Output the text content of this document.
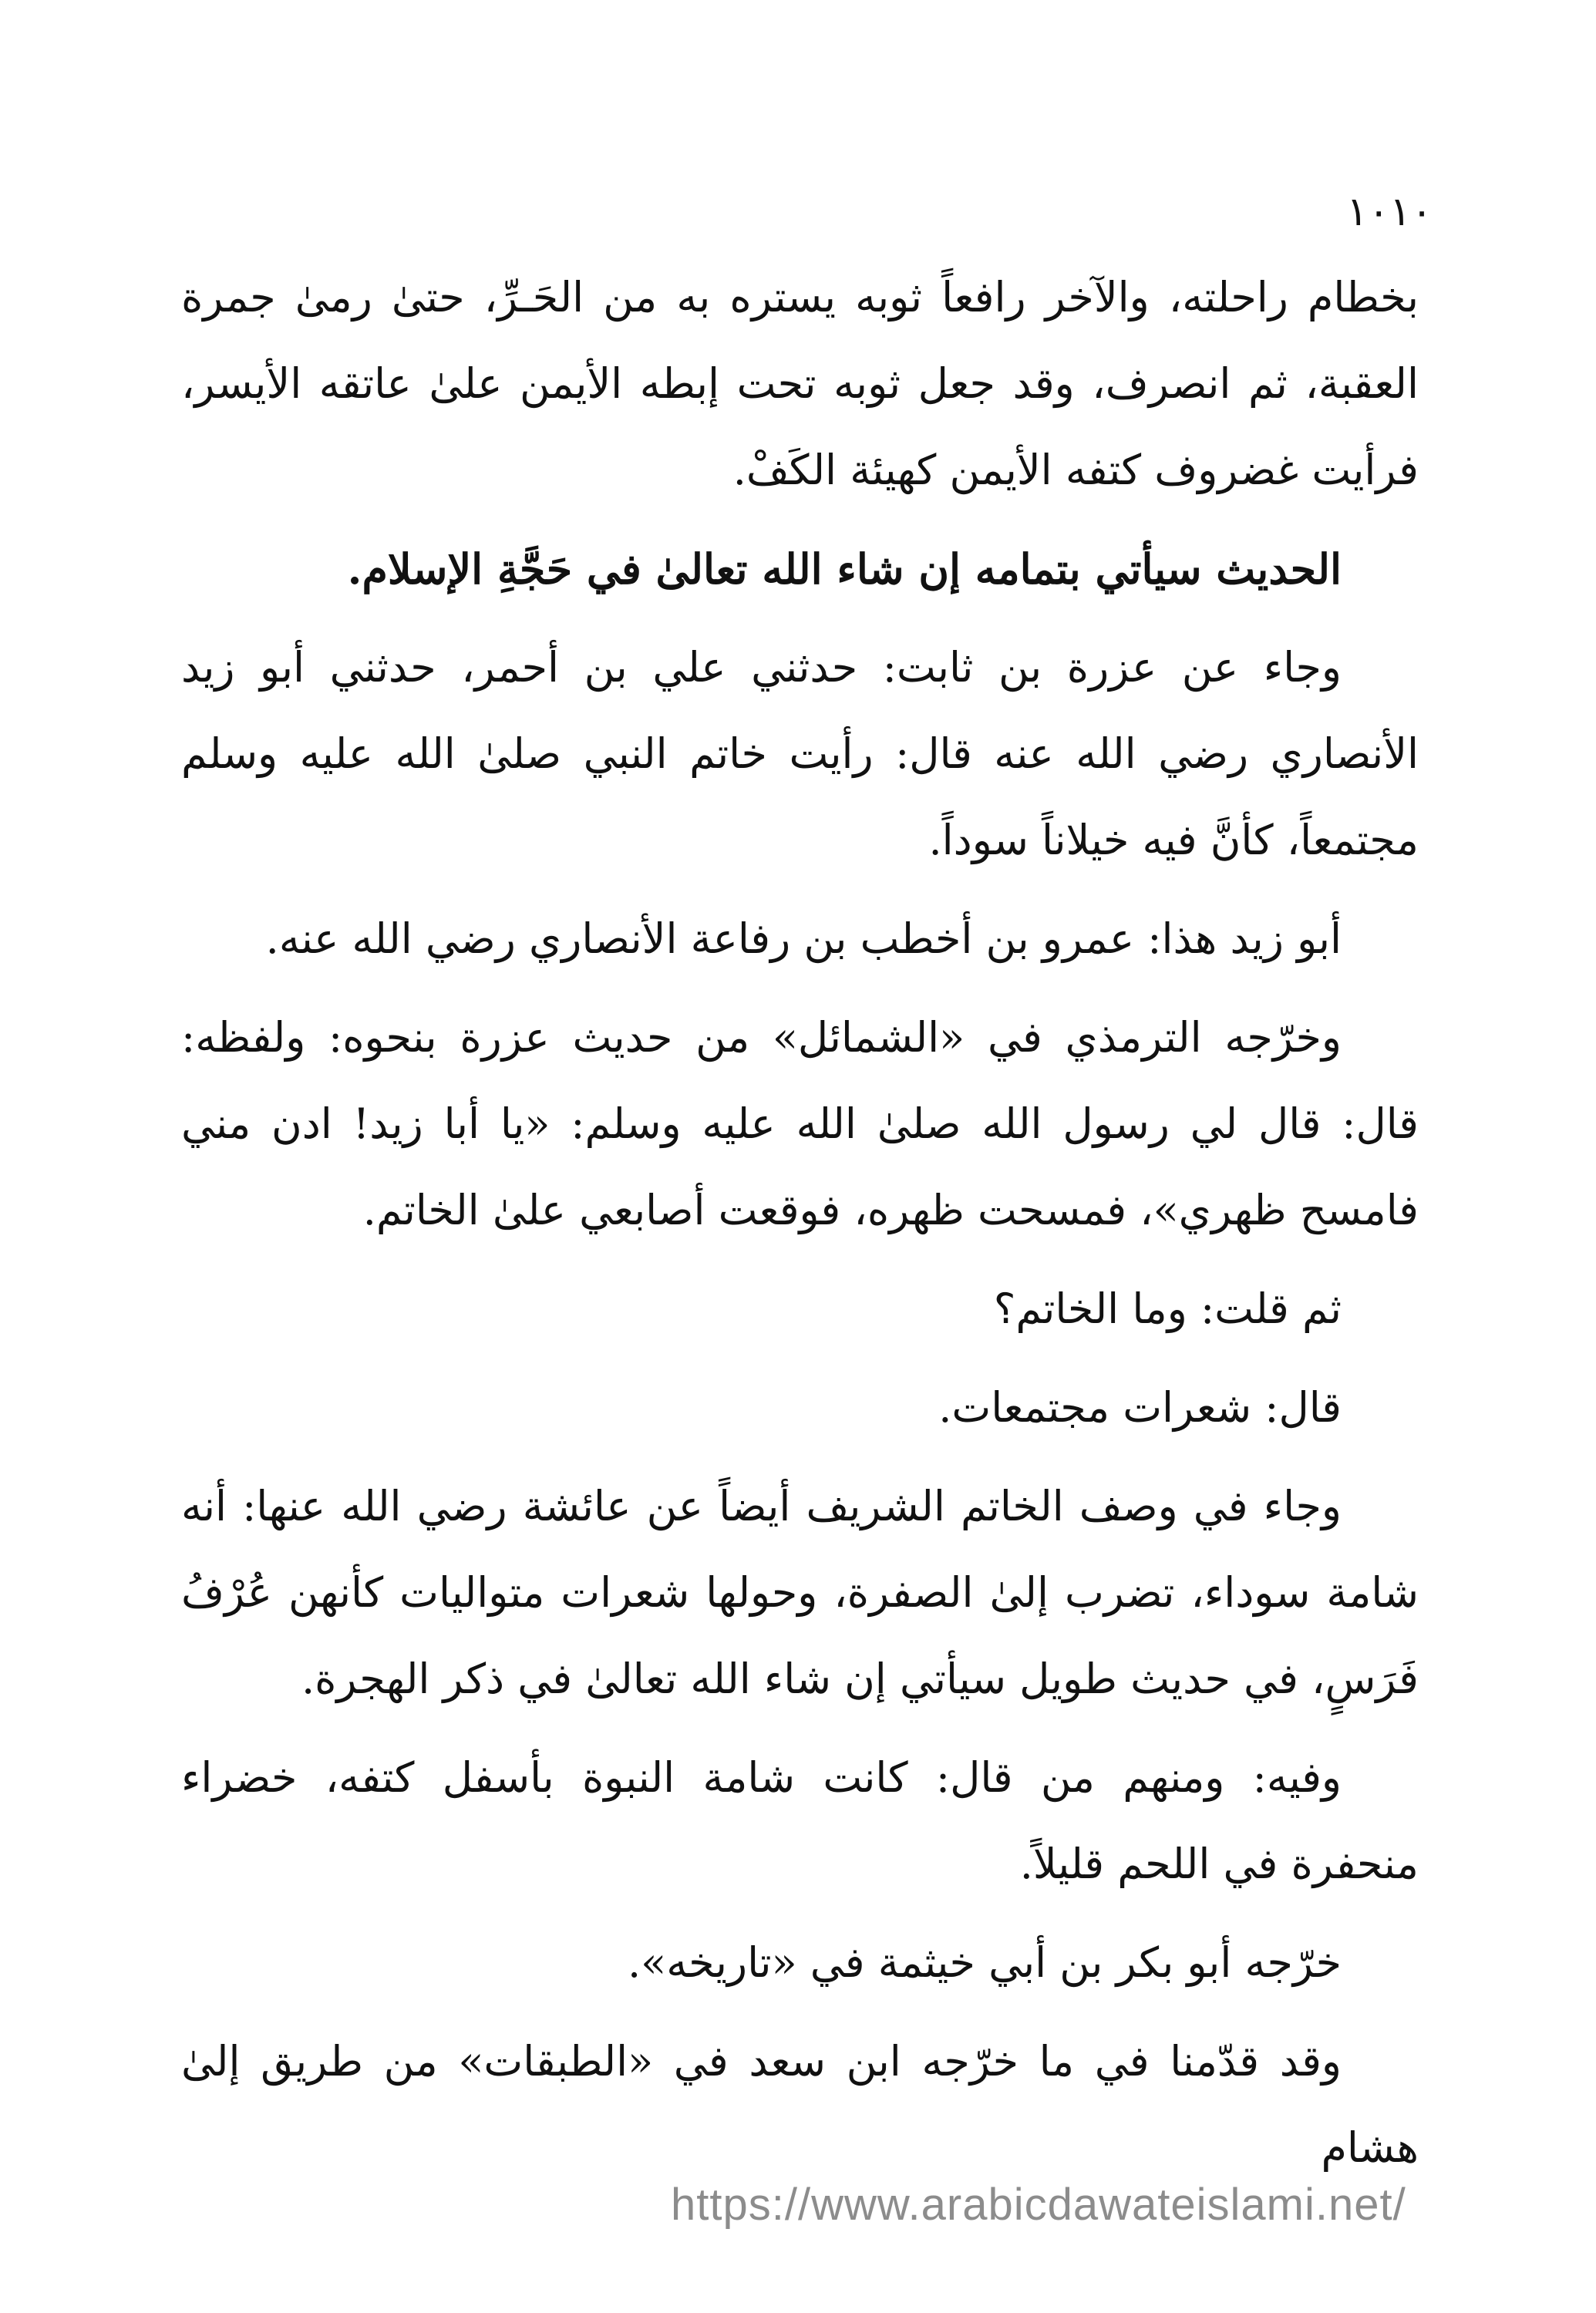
١٠١٠

بخطام راحلته، والآخر رافعاً ثوبه يستره به من الحَـرِّ، حتىٰ رمىٰ جمرة العقبة، ثم انصرف، وقد جعل ثوبه تحت إبطه الأيمن علىٰ عاتقه الأيسر، فرأيت غضروف كتفه الأيمن كهيئة الكَفْ.

الحديث سيأتي بتمامه إن شاء الله تعالىٰ في حَجَّةِ الإسلام.

وجاء عن عزرة بن ثابت: حدثني علي بن أحمر، حدثني أبو زيد الأنصاري رضي الله عنه قال: رأيت خاتم النبي صلىٰ الله عليه وسلم مجتمعاً، كأنَّ فيه خيلاناً سوداً.

أبو زيد هذا: عمرو بن أخطب بن رفاعة الأنصاري رضي الله عنه.

وخرّجه الترمذي في «الشمائل» من حديث عزرة بنحوه: ولفظه: قال: قال لي رسول الله صلىٰ الله عليه وسلم: «يا أبا زيد! ادن مني فامسح ظهري»، فمسحت ظهره، فوقعت أصابعي علىٰ الخاتم.

ثم قلت: وما الخاتم؟

قال: شعرات مجتمعات.

وجاء في وصف الخاتم الشريف أيضاً عن عائشة رضي الله عنها: أنه شامة سوداء، تضرب إلىٰ الصفرة، وحولها شعرات متواليات كأنهن عُرْفُ فَرَسٍ، في حديث طويل سيأتي إن شاء الله تعالىٰ في ذكر الهجرة.

وفيه: ومنهم من قال: كانت شامة النبوة بأسفل كتفه، خضراء منحفرة في اللحم قليلاً.

خرّجه أبو بكر بن أبي خيثمة في «تاريخه».

وقد قدّمنا في ما خرّجه ابن سعد في «الطبقات» من طريق إلىٰ هشام

https://www.arabicdawateislami.net/
